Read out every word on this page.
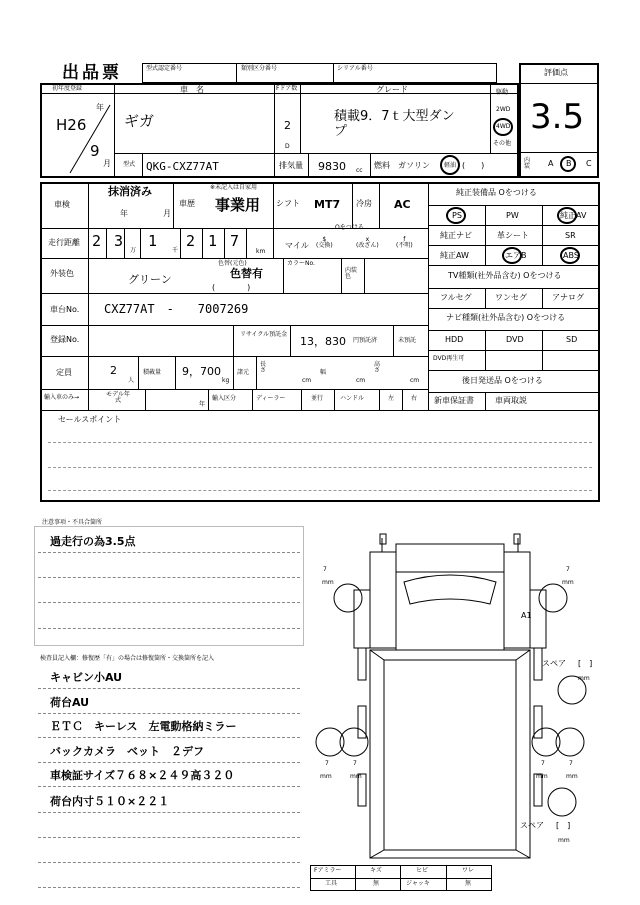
出品票	型式認定番号	類別区分番号	シリアル番号	評価点
3.5
内装 A B C
初年度登録
年
H26
9
月
車　名
ギガ
Fドア数
2
D
グレード
積載9．7ｔ大型ダン
プ
駆動
2WD
4WD
その他
型式 QKG-CXZ77AT	排気量 9830 cc
燃料 ガソリン 軽油 (　　)
車検
抹消済み
年	月
車歴
※未記入は自家用
事業用 シフト MT7 冷房 AC
走行距離 2 3
万
1
千
2 1 7
km
Oをつける
マイル
$
(交換)
x
(改ざん)
f
(不明)
外装色	グリーン
色替(元色)
色替有
(　　　　)
カラーNo.
内装色
車台No. CXZ77AT　-　　7007269
登録No.
リサイクル預託金
13，830 円預託済	未預託
定員	2
人
積載量 9，700
kg
諸元
長さ
cm
幅
cm
高さ
cm
輸入車のみ→	モデル年式
年
輸入区分	ディーラー	並行	ハンドル	左	右
セールスポイント
純正装備品 Oをつける
PS	PW	純正AV
純正ナビ	革シート	SR
純正AW	エアB	ABS
TV種類(社外品含む) Oをつける
フルセグ	ワンセグ	アナログ
ナビ種類(社外品含む) Oをつける
HDD	DVD	SD
DVD再生可
後日発送品 Oをつける
新車保証書	車両取説
注意事項・不具合箇所
過走行の為3.5点
検査員記入欄：修復歴「有」の場合は修復箇所・交換箇所を記入
キャビン小AU
荷台AU
ＥＴＣ　キーレス　左電動格納ミラー
バックカメラ　ベット　２デフ
車検証サイズ７６８×２４９高３２０
荷台内寸５１０×２２１
7
mm
7
mm
A1
スペア [　]
mm
7
mm
7
mm
7
mm
7
mm
スペア [　]
mm
Fアミラー	キズ	ヒビ	ワレ
工具	無	ジャッキ	無
